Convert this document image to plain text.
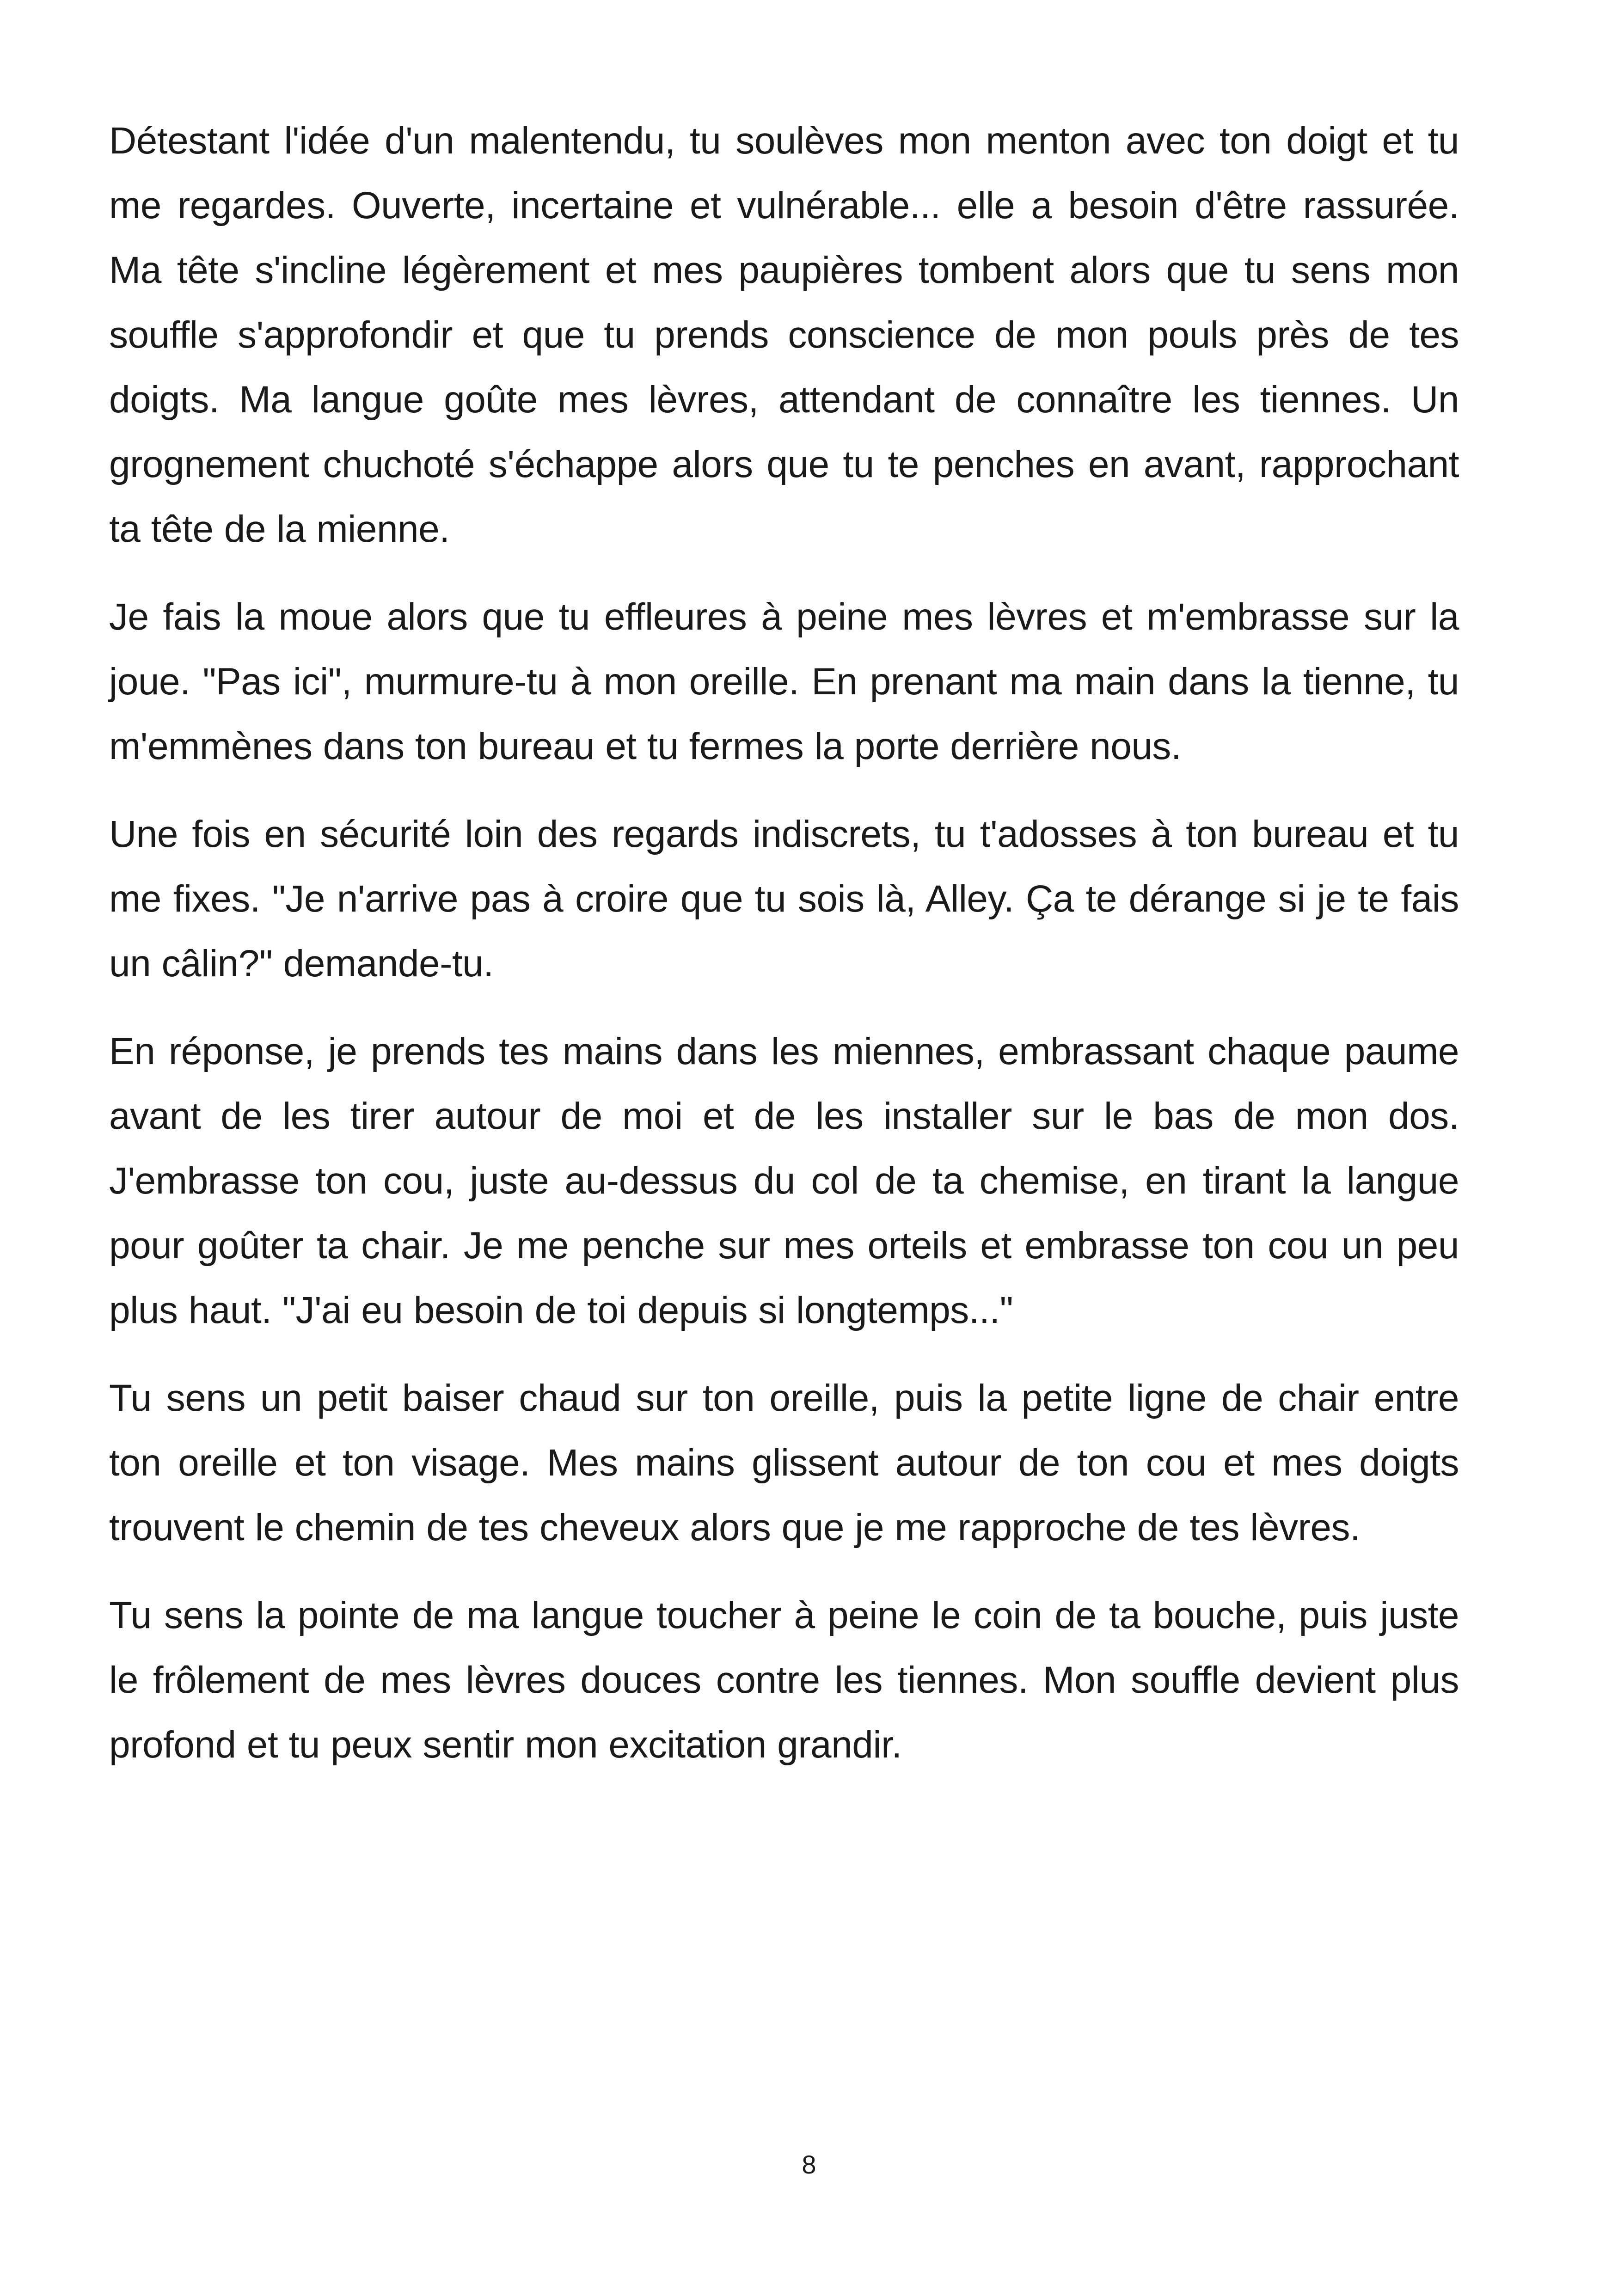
Détestant l'idée d'un malentendu, tu soulèves mon menton avec ton doigt et tu me regardes. Ouverte, incertaine et vulnérable... elle a besoin d'être rassurée. Ma tête s'incline légèrement et mes paupières tombent alors que tu sens mon souffle s'approfondir et que tu prends conscience de mon pouls près de tes doigts. Ma langue goûte mes lèvres, attendant de connaître les tiennes. Un grognement chuchoté s'échappe alors que tu te penches en avant, rapprochant ta tête de la mienne.

Je fais la moue alors que tu effleures à peine mes lèvres et m'embrasse sur la joue. "Pas ici", murmure-tu à mon oreille. En prenant ma main dans la tienne, tu m'emmènes dans ton bureau et tu fermes la porte derrière nous.

Une fois en sécurité loin des regards indiscrets, tu t'adosses à ton bureau et tu me fixes. "Je n'arrive pas à croire que tu sois là, Alley. Ça te dérange si je te fais un câlin?" demande-tu.

En réponse, je prends tes mains dans les miennes, embrassant chaque paume avant de les tirer autour de moi et de les installer sur le bas de mon dos. J'embrasse ton cou, juste au-dessus du col de ta chemise, en tirant la langue pour goûter ta chair. Je me penche sur mes orteils et embrasse ton cou un peu plus haut. "J'ai eu besoin de toi depuis si longtemps..."

Tu sens un petit baiser chaud sur ton oreille, puis la petite ligne de chair entre ton oreille et ton visage. Mes mains glissent autour de ton cou et mes doigts trouvent le chemin de tes cheveux alors que je me rapproche de tes lèvres.

Tu sens la pointe de ma langue toucher à peine le coin de ta bouche, puis juste le frôlement de mes lèvres douces contre les tiennes. Mon souffle devient plus profond et tu peux sentir mon excitation grandir.

8
